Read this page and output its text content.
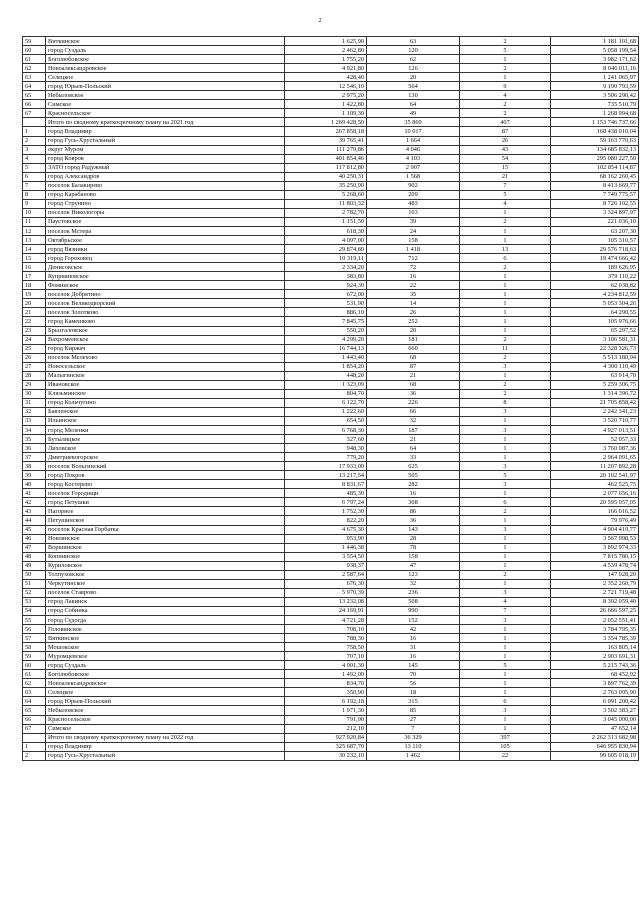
2
59	Виткинское	1 625,90	63	2	1 181 101,68
60	город Суздаль	2 462,80	120	5	5 058 199,54
61	Боголюбовское	1 755,20	62	1	3 982 171,62
62	Новоалександровское	4 921,80	126	2	8 046 011,16
63	Селецкое	428,40	20	1	1 241 065,97
64	город Юрьев-Польский	12 546,10	564	9	9 190 793,59
65	Небыловское	2 975,20	130	4	3 506 290,42
66	Симское	1 422,80	64	2	735 510,79
67	Красносельское	1 109,30	49	2	1 268 994,68
	Итого по сводному краткосрочному плану на 2021 год	1 269 428,50	35 869	407	1 153 746 737,66
1	город Владимир	267 858,18	10 017	87	168 438 010,04
2	город Гусь-Хрустальный	39 765,41	1 664	26	59 163 770,63
3	округ Муром	111 279,86	4 046	43	134 685 832,13
4	город Ковров	401 854,46	4 103	54	295 080 227,50
5	ЗАТО город Радужный	117 812,80	2 907	15	102 854 114,87
6	город Александров	40 250,31	1 568	21	68 162 260,45
7	поселок Балакирево	35 250,90	902	7	8 413 669,77
8	город Карабаново	5 268,60	209	5	7 749 775,57
9	город Струнино	11 803,32	483	4	8 726 102,55
10	поселок Никологоры	2 782,70	103	1	3 324 897,97
11	Паустовское	1 151,50	39	2	221 036,10
12	поселок Мстера	618,30	24	1	63 207,30
13	Октябрьское	4 097,00	158	1	105 310,57
14	город Вязники	29 874,80	1 418	13	29 576 718,63
15	город Гороховец	10 319,11	712	6	19 474 666,42
16	Денисовское	2 334,20	72	2	189 626,95
17	Куприяновское	383,80	16	1	379 110,22
18	Фоминское	924,30	22	1	62 038,82
19	поселок Добрятино	672,00	35	1	4 234 812,59
20	поселок Великодворский	531,90	14	1	5 053 304,26
21	поселок Золотково	886,10	26	1	64 290,55
22	город Камешково	7 845,75	252	1	105 976,66
23	Брызгаловское	550,20	20	1	65 297,52
24	Вахромеевское	4 299,20	181	2	3 106 581,31
25	город Киржач	16 744,13	660	11	22 328 326,73
26	поселок Мелехово	1 443,40	68	2	5 513 180,94
27	Новосельское	1 854,20	87	3	4 300 110,49
28	Малыгинское	448,20	21	1	63 914,70
29	Ивановское	1 323,09	68	2	5 259 306,75
30	Клязьминское	804,70	36	2	1 314 396,72
31	город Кольчугино	6 122,70	226	8	21 705 858,42
32	Бавленское	1 222,60	66	3	2 242 341,23
33	Ильинское	654,50	32	1	3 520 710,77
34	город Меленки	6 768,30	187	3	4 927 013,51
35	Бутылицкое	327,60	21	1	52 057,33
36	Лиховское	948,30	64	1	3 760 087,36
37	Дмитриевогорское	779,20	33	1	2 964 091,65
38	поселок Вольгинский	17 933,00	625	3	11 207 892,28
39	город Покров	13 217,54	505	5	20 102 541,97
40	город Костерево	8 831,67	282	3	462 525,75
41	поселок Городищи	485,30	16	1	2 077 656,16
42	город Петушки	6 797,24	308	6	20 595 957,05
43	Нагорное	1 752,30	86	2	166 016,52
44	Петушинское	822,20	36	1	79 976,49
45	поселок Красная Горбатка	4 675,30	143	3	4 904 419,77
46	Новлянское	953,90	28	1	3 567 998,53
47	Воршинское	1 446,38	78	1	3 892 974,33
48	Копнинское	3 554,50	158	1	7 815 780,15
49	Куриловское	938,37	47	1	4 539 478,74
50	Толпуховское	2 587,64	123	2	147 928,20
51	Черкутинское	676,30	32	1	2 352 260,79
52	поселок Ставрово	5 970,39	236	3	2 721 719,48
53	город Лакинск	13 232,08	508	4	8 302 059,40
54	город Собинка	24 169,91	990	7	26 666 597,25
55	город Судогда	4 721,28	152	3	2 052 551,41
56	Головинское	708,10	42	1	3 784 795,35
57	Вяткинское	788,30	16	1	3 354 785,39
58	Мошокское	758,50	31	1	163 805,14
59	Муромцевское	707,10	16	1	2 903 691,31
60	город Суздаль	4 001,30	145	5	5 215 743,36
61	Боголюбовское	1 492,00	70	1	68 452,92
62	Новоалександровское	834,70	56	1	3 897 762,39
63	Селецкое	350,90	18	1	2 763 095,90
64	город Юрьев-Польский	6 192,18	315	6	6 091 200,42
65	Небыловское	1 971,30	85	3	3 502 383,27
66	Красносельское	791,90	27	1	3 045 000,00
67	Симское	212,10	7	1	47 652,14
	Итого по сводному краткосрочному плану на 2022 год	927 920,84	36 329	397	2 262 313 682,98
1	город Владимир	325 687,70	13 110	105	646 955 830,94
2	город Гусь-Хрустальный	30 232,10	1 462	22	99 605 018,19
